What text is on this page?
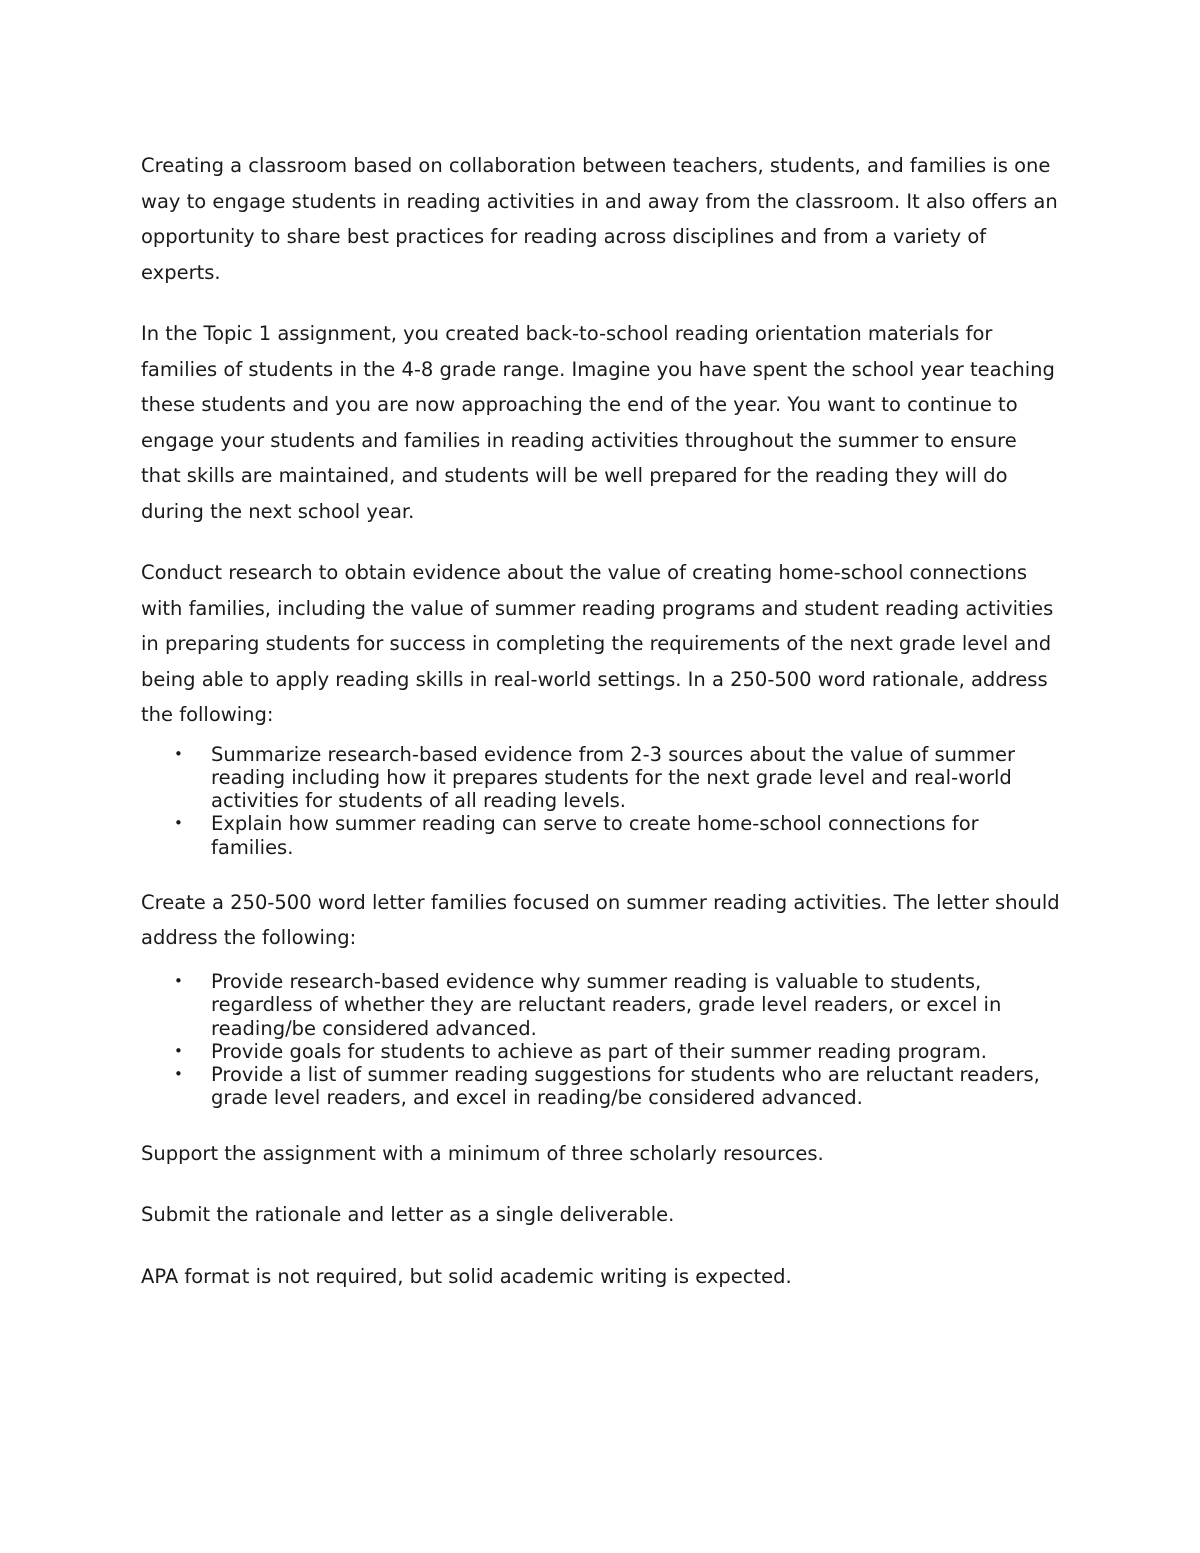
Creating a classroom based on collaboration between teachers, students, and families is one way to engage students in reading activities in and away from the classroom. It also offers an opportunity to share best practices for reading across disciplines and from a variety of experts.

In the Topic 1 assignment, you created back-to-school reading orientation materials for families of students in the 4-8 grade range. Imagine you have spent the school year teaching these students and you are now approaching the end of the year. You want to continue to engage your students and families in reading activities throughout the summer to ensure that skills are maintained, and students will be well prepared for the reading they will do during the next school year.

Conduct research to obtain evidence about the value of creating home-school connections with families, including the value of summer reading programs and student reading activities in preparing students for success in completing the requirements of the next grade level and being able to apply reading skills in real-world settings. In a 250-500 word rationale, address the following:

• Summarize research-based evidence from 2-3 sources about the value of summer reading including how it prepares students for the next grade level and real-world activities for students of all reading levels.
• Explain how summer reading can serve to create home-school connections for families.

Create a 250-500 word letter families focused on summer reading activities. The letter should address the following:

• Provide research-based evidence why summer reading is valuable to students, regardless of whether they are reluctant readers, grade level readers, or excel in reading/be considered advanced.
• Provide goals for students to achieve as part of their summer reading program.
• Provide a list of summer reading suggestions for students who are reluctant readers, grade level readers, and excel in reading/be considered advanced.

Support the assignment with a minimum of three scholarly resources.

Submit the rationale and letter as a single deliverable.

APA format is not required, but solid academic writing is expected.
